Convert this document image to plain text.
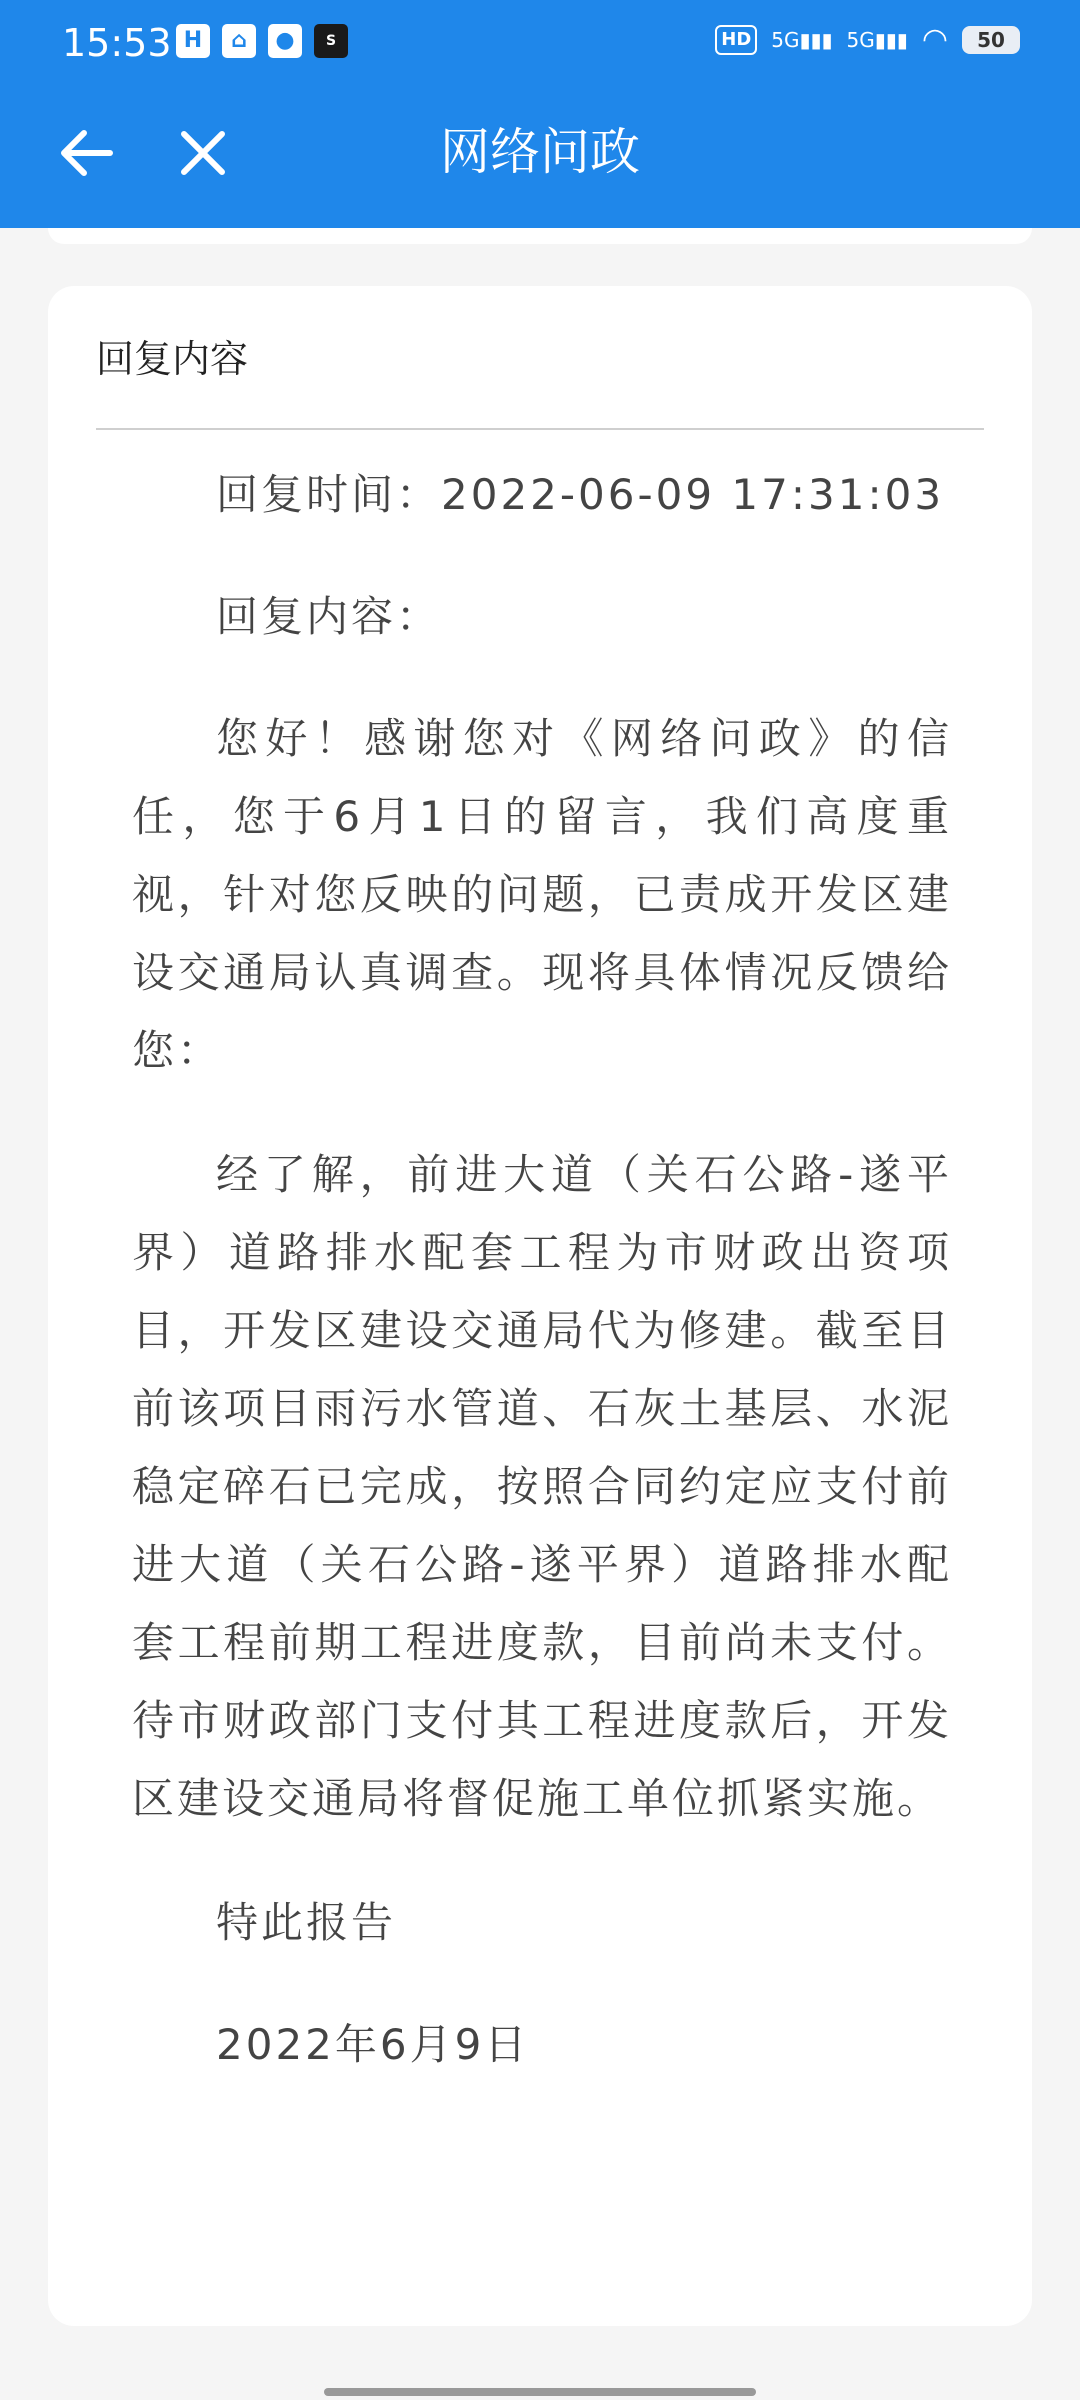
15:53 H	⌂	●	S	HD	5G▮▮▮ 5G▮▮▮ ◠	50
网络问政
回复内容

回复时间：2022-06-09 17:31:03

回复内容：

您好！感谢您对《网络问政》的信任，您于6月1日的留言，我们高度重视，针对您反映的问题，已责成开发区建设交通局认真调查。现将具体情况反馈给您：

经了解，前进大道（关石公路-遂平界）道路排水配套工程为市财政出资项目，开发区建设交通局代为修建。截至目前该项目雨污水管道、石灰土基层、水泥稳定碎石已完成，按照合同约定应支付前进大道（关石公路-遂平界）道路排水配套工程前期工程进度款，目前尚未支付。待市财政部门支付其工程进度款后，开发区建设交通局将督促施工单位抓紧实施。

特此报告

2022年6月9日
